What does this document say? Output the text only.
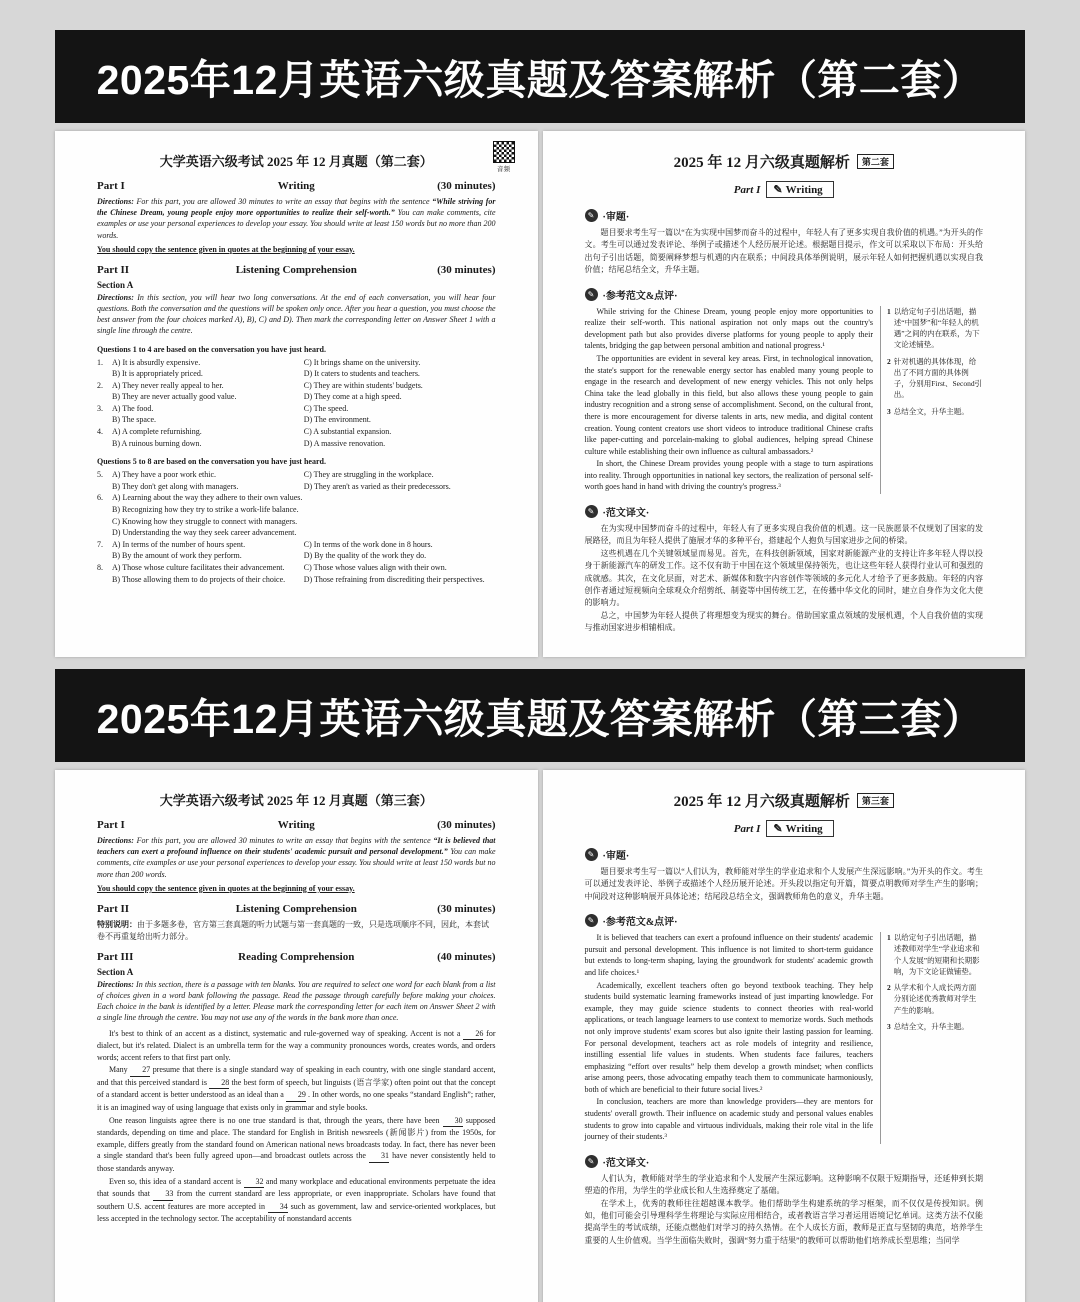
2025年12月英语六级真题及答案解析（第二套）
大学英语六级考试 2025 年 12 月真题（第二套）
音频
Part I	Writing	(30 minutes)

Directions: For this part, you are allowed 30 minutes to write an essay that begins with the sentence “While striving for the Chinese Dream, young people enjoy more opportunities to realize their self-worth.” You can make comments, cite examples or use your personal experiences to develop your essay. You should write at least 150 words but no more than 200 words.

You should copy the sentence given in quotes at the beginning of your essay.

Part II	Listening Comprehension	(30 minutes)
Section A

Directions: In this section, you will hear two long conversations. At the end of each conversation, you will hear four questions. Both the conversation and the questions will be spoken only once. After you hear a question, you must choose the best answer from the four choices marked A), B), C) and D). Then mark the corresponding letter on Answer Sheet 1 with a single line through the centre.

Questions 1 to 4 are based on the conversation you have just heard.
1.	A) It is absurdly expensive.	C) It brings shame on the university.
B) It is appropriately priced.	D) It caters to students and teachers.
2.	A) They never really appeal to her.	C) They are within students' budgets.
B) They are never actually good value.	D) They come at a high speed.
3.	A) The food.	C) The speed.
B) The space.	D) The environment.
4.	A) A complete refurnishing.	C) A substantial expansion.
B) A ruinous burning down.	D) A massive renovation.
Questions 5 to 8 are based on the conversation you have just heard.
5.	A) They have a poor work ethic.	C) They are struggling in the workplace.
B) They don't get along with managers.	D) They aren't as varied as their predecessors.
6.	A) Learning about the way they adhere to their own values.
B) Recognizing how they try to strike a work-life balance.
C) Knowing how they struggle to connect with managers.
D) Understanding the way they seek career advancement.
7.	A) In terms of the number of hours spent.	C) In terms of the work done in 8 hours.
B) By the amount of work they perform.	D) By the quality of the work they do.
8.	A) Those whose culture facilitates their advancement.	C) Those whose values align with their own.
B) Those allowing them to do projects of their choice.	D) Those refraining from discrediting their perspectives.
2025 年 12 月六级真题解析 第二套
Part I ✎ Writing
✎ ·审题·
题目要求考生写一篇以“在为实现中国梦而奋斗的过程中，年轻人有了更多实现自我价值的机遇。”为开头的作文。考生可以通过发表评论、举例子或描述个人经历展开论述。根据题目提示，作文可以采取以下布局：开头给出句子引出话题，简要阐释梦想与机遇的内在联系；中间段具体举例说明，展示年轻人如何把握机遇以实现自我价值；结尾总结全文，升华主题。
✎ ·参考范文&点评·
While striving for the Chinese Dream, young people enjoy more opportunities to realize their self-worth. This national aspiration not only maps out the country's development path but also provides diverse platforms for young people to apply their talents, bridging the gap between personal ambition and national progress.¹
The opportunities are evident in several key areas. First, in technological innovation, the state's support for the renewable energy sector has enabled many young people to engage in the research and development of new energy vehicles. This not only helps China take the lead globally in this field, but also allows these young people to gain industry recognition and a strong sense of accomplishment. Second, on the cultural front, there is more encouragement for diverse talents in arts, new media, and digital content creation. Young content creators use short videos to introduce traditional Chinese crafts like paper-cutting and porcelain-making to global audiences, helping spread Chinese culture while establishing their own influence as cultural ambassadors.²
In short, the Chinese Dream provides young people with a stage to turn aspirations into reality. Through opportunities in national key sectors, the realization of personal self-worth goes hand in hand with driving the country's progress.³
1 以给定句子引出话题，描述“中国梦”和“年轻人的机遇”之间的内在联系，为下文论述铺垫。
2 针对机遇的具体体现，给出了不同方面的具体例子，分别用First、Second引出。
3 总结全文，升华主题。
✎ ·范文译文·
在为实现中国梦而奋斗的过程中，年轻人有了更多实现自我价值的机遇。这一民族愿景不仅规划了国家的发展路径，而且为年轻人提供了施展才华的多种平台，搭建起个人抱负与国家进步之间的桥梁。
这些机遇在几个关键领域显而易见。首先，在科技创新领域，国家对新能源产业的支持让许多年轻人得以投身于新能源汽车的研发工作。这不仅有助于中国在这个领域里保持领先，也让这些年轻人获得行业认可和强烈的成就感。其次，在文化层面，对艺术、新媒体和数字内容创作等领域的多元化人才给予了更多鼓励。年轻的内容创作者通过短视频向全球观众介绍剪纸、制瓷等中国传统工艺，在传播中华文化的同时，建立自身作为文化大使的影响力。
总之，中国梦为年轻人提供了将理想变为现实的舞台。借助国家重点领域的发展机遇，个人自我价值的实现与推动国家进步相辅相成。
2025年12月英语六级真题及答案解析（第三套）
大学英语六级考试 2025 年 12 月真题（第三套）
Part I	Writing	(30 minutes)

Directions: For this part, you are allowed 30 minutes to write an essay that begins with the sentence “It is believed that teachers can exert a profound influence on their students' academic pursuit and personal development.” You can make comments, cite examples or use your personal experiences to develop your essay. You should write at least 150 words but no more than 200 words.

You should copy the sentence given in quotes at the beginning of your essay.

Part II	Listening Comprehension	(30 minutes)

特别说明：由于多题多卷，官方第三套真题的听力试题与第一套真题的一致，只是选项顺序不同，因此，本套试卷不再重复给出听力部分。

Part III	Reading Comprehension	(40 minutes)
Section A

Directions: In this section, there is a passage with ten blanks. You are required to select one word for each blank from a list of choices given in a word bank following the passage. Read the passage through carefully before making your choices. Each choice in the bank is identified by a letter. Please mark the corresponding letter for each item on Answer Sheet 2 with a single line through the centre. You may not use any of the words in the bank more than once.

It's best to think of an accent as a distinct, systematic and rule-governed way of speaking. Accent is not a 26 for dialect, but it's related. Dialect is an umbrella term for the way a community pronounces words, creates words, and orders words; accent refers to that first part only.
Many 27 presume that there is a single standard way of speaking in each country, with one single standard accent, and that this perceived standard is 28 the best form of speech, but linguists (语言学家) often point out that the concept of a standard accent is better understood as an ideal than a 29 . In other words, no one speaks “standard English”; rather, it is an imagined way of using language that exists only in grammar and style books.
One reason linguists agree there is no one true standard is that, through the years, there have been 30 supposed standards, depending on time and place. The standard for English in British newsreels (新闻影片) from the 1950s, for example, differs greatly from the standard found on American national news broadcasts today. In fact, there has never been a single standard that's been fully agreed upon—and broadcast outlets across the 31 have never consistently held to those standards anyway.
Even so, this idea of a standard accent is 32 and many workplace and educational environments perpetuate the idea that sounds that 33 from the current standard are less appropriate, or even inappropriate. Scholars have found that southern U.S. accent features are more accepted in 34 such as government, law and service-oriented workplaces, but less accepted in the technology sector. The acceptability of nonstandard accents
2025 年 12 月六级真题解析 第三套
Part I ✎ Writing
✎ ·审题·
题目要求考生写一篇以“人们认为，教师能对学生的学业追求和个人发展产生深远影响。”为开头的作文。考生可以通过发表评论、举例子或描述个人经历展开论述。开头段以指定句开篇，简要点明教师对学生产生的影响；中间段对这种影响展开具体论述；结尾段总结全文，强调教师角色的意义，升华主题。
✎ ·参考范文&点评·
It is believed that teachers can exert a profound influence on their students' academic pursuit and personal development. This influence is not limited to short-term guidance but extends to long-term shaping, laying the groundwork for students' academic growth and life choices.¹
Academically, excellent teachers often go beyond textbook teaching. They help students build systematic learning frameworks instead of just imparting knowledge. For example, they may guide science students to connect theories with real-world applications, or teach language learners to use context to memorize words. Such methods not only improve students' exam scores but also ignite their lasting passion for learning. For personal development, teachers act as role models of integrity and resilience, instilling essential life values in students. When students face failures, teachers emphasizing “effort over results” help them develop a growth mindset; when conflicts arise among peers, those advocating empathy teach them to communicate harmoniously, both of which are beneficial to their future social lives.²
In conclusion, teachers are more than knowledge providers—they are mentors for students' overall growth. Their influence on academic study and personal values enables students to grow into capable and virtuous individuals, making their role vital in the life journey of their students.³
1 以给定句子引出话题，描述教师对学生“学业追求和个人发展”的短期和长期影响，为下文论证做铺垫。
2 从学术和个人成长两方面分别论述优秀教师对学生产生的影响。
3 总结全文，升华主题。
✎ ·范文译文·
人们认为，教师能对学生的学业追求和个人发展产生深远影响。这种影响不仅限于短期指导，还延伸到长期塑造的作用，为学生的学业成长和人生选择奠定了基础。
在学术上，优秀的教师往往超越课本教学。他们帮助学生构建系统的学习框架，而不仅仅是传授知识。例如，他们可能会引导理科学生将理论与实际应用相结合，或者教语言学习者运用语境记忆单词。这类方法不仅能提高学生的考试成绩，还能点燃他们对学习的持久热情。在个人成长方面，教师是正直与坚韧的典范，培养学生重要的人生价值观。当学生面临失败时，强调“努力重于结果”的教师可以帮助他们培养成长型思维；当同学
